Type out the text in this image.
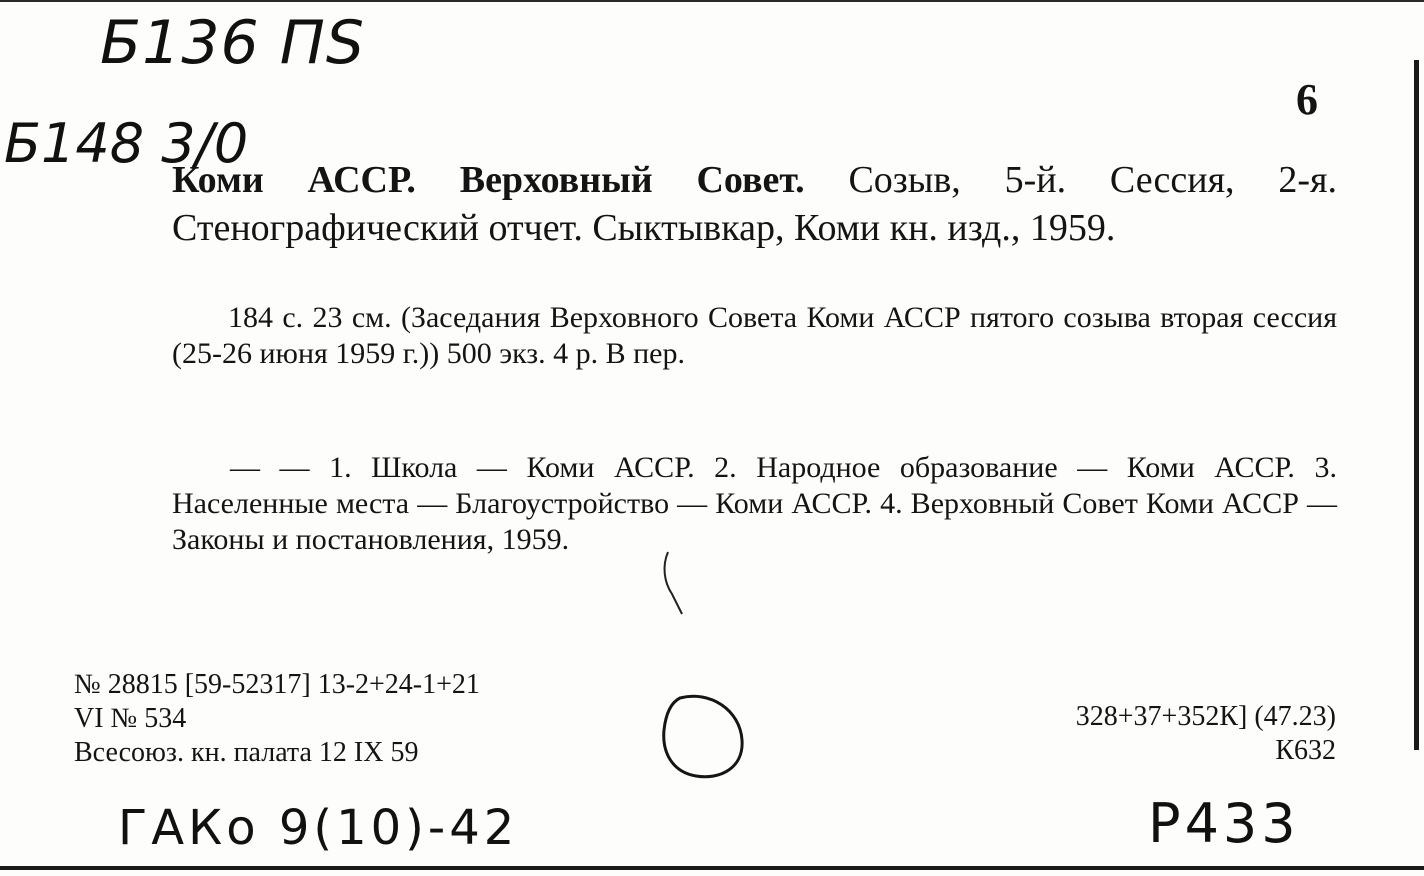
Б136 ПS
Б148 3/0
6
Коми АССР. Верховный Совет. Созыв, 5-й. Сессия, 2-я. Стенографический отчет. Сыктывкар, Коми кн. изд., 1959.
184 с. 23 см. (Заседания Верховного Совета Коми АССР пятого созыва вторая сессия (25-26 июня 1959 г.)) 500 экз. 4 р. В пер.
— — 1. Школа — Коми АССР. 2. Народное образование — Коми АССР. 3. Населенные места — Благоустройство — Коми АССР. 4. Верховный Совет Коми АССР — Законы и постановления, 1959.
№ 28815 [59-52317] 13-2+24-1+21
VI № 534
Всесоюз. кн. палата 12 IX 59
328+37+352К] (47.23)
К632
ГАКо 9(10)-42	Р433
